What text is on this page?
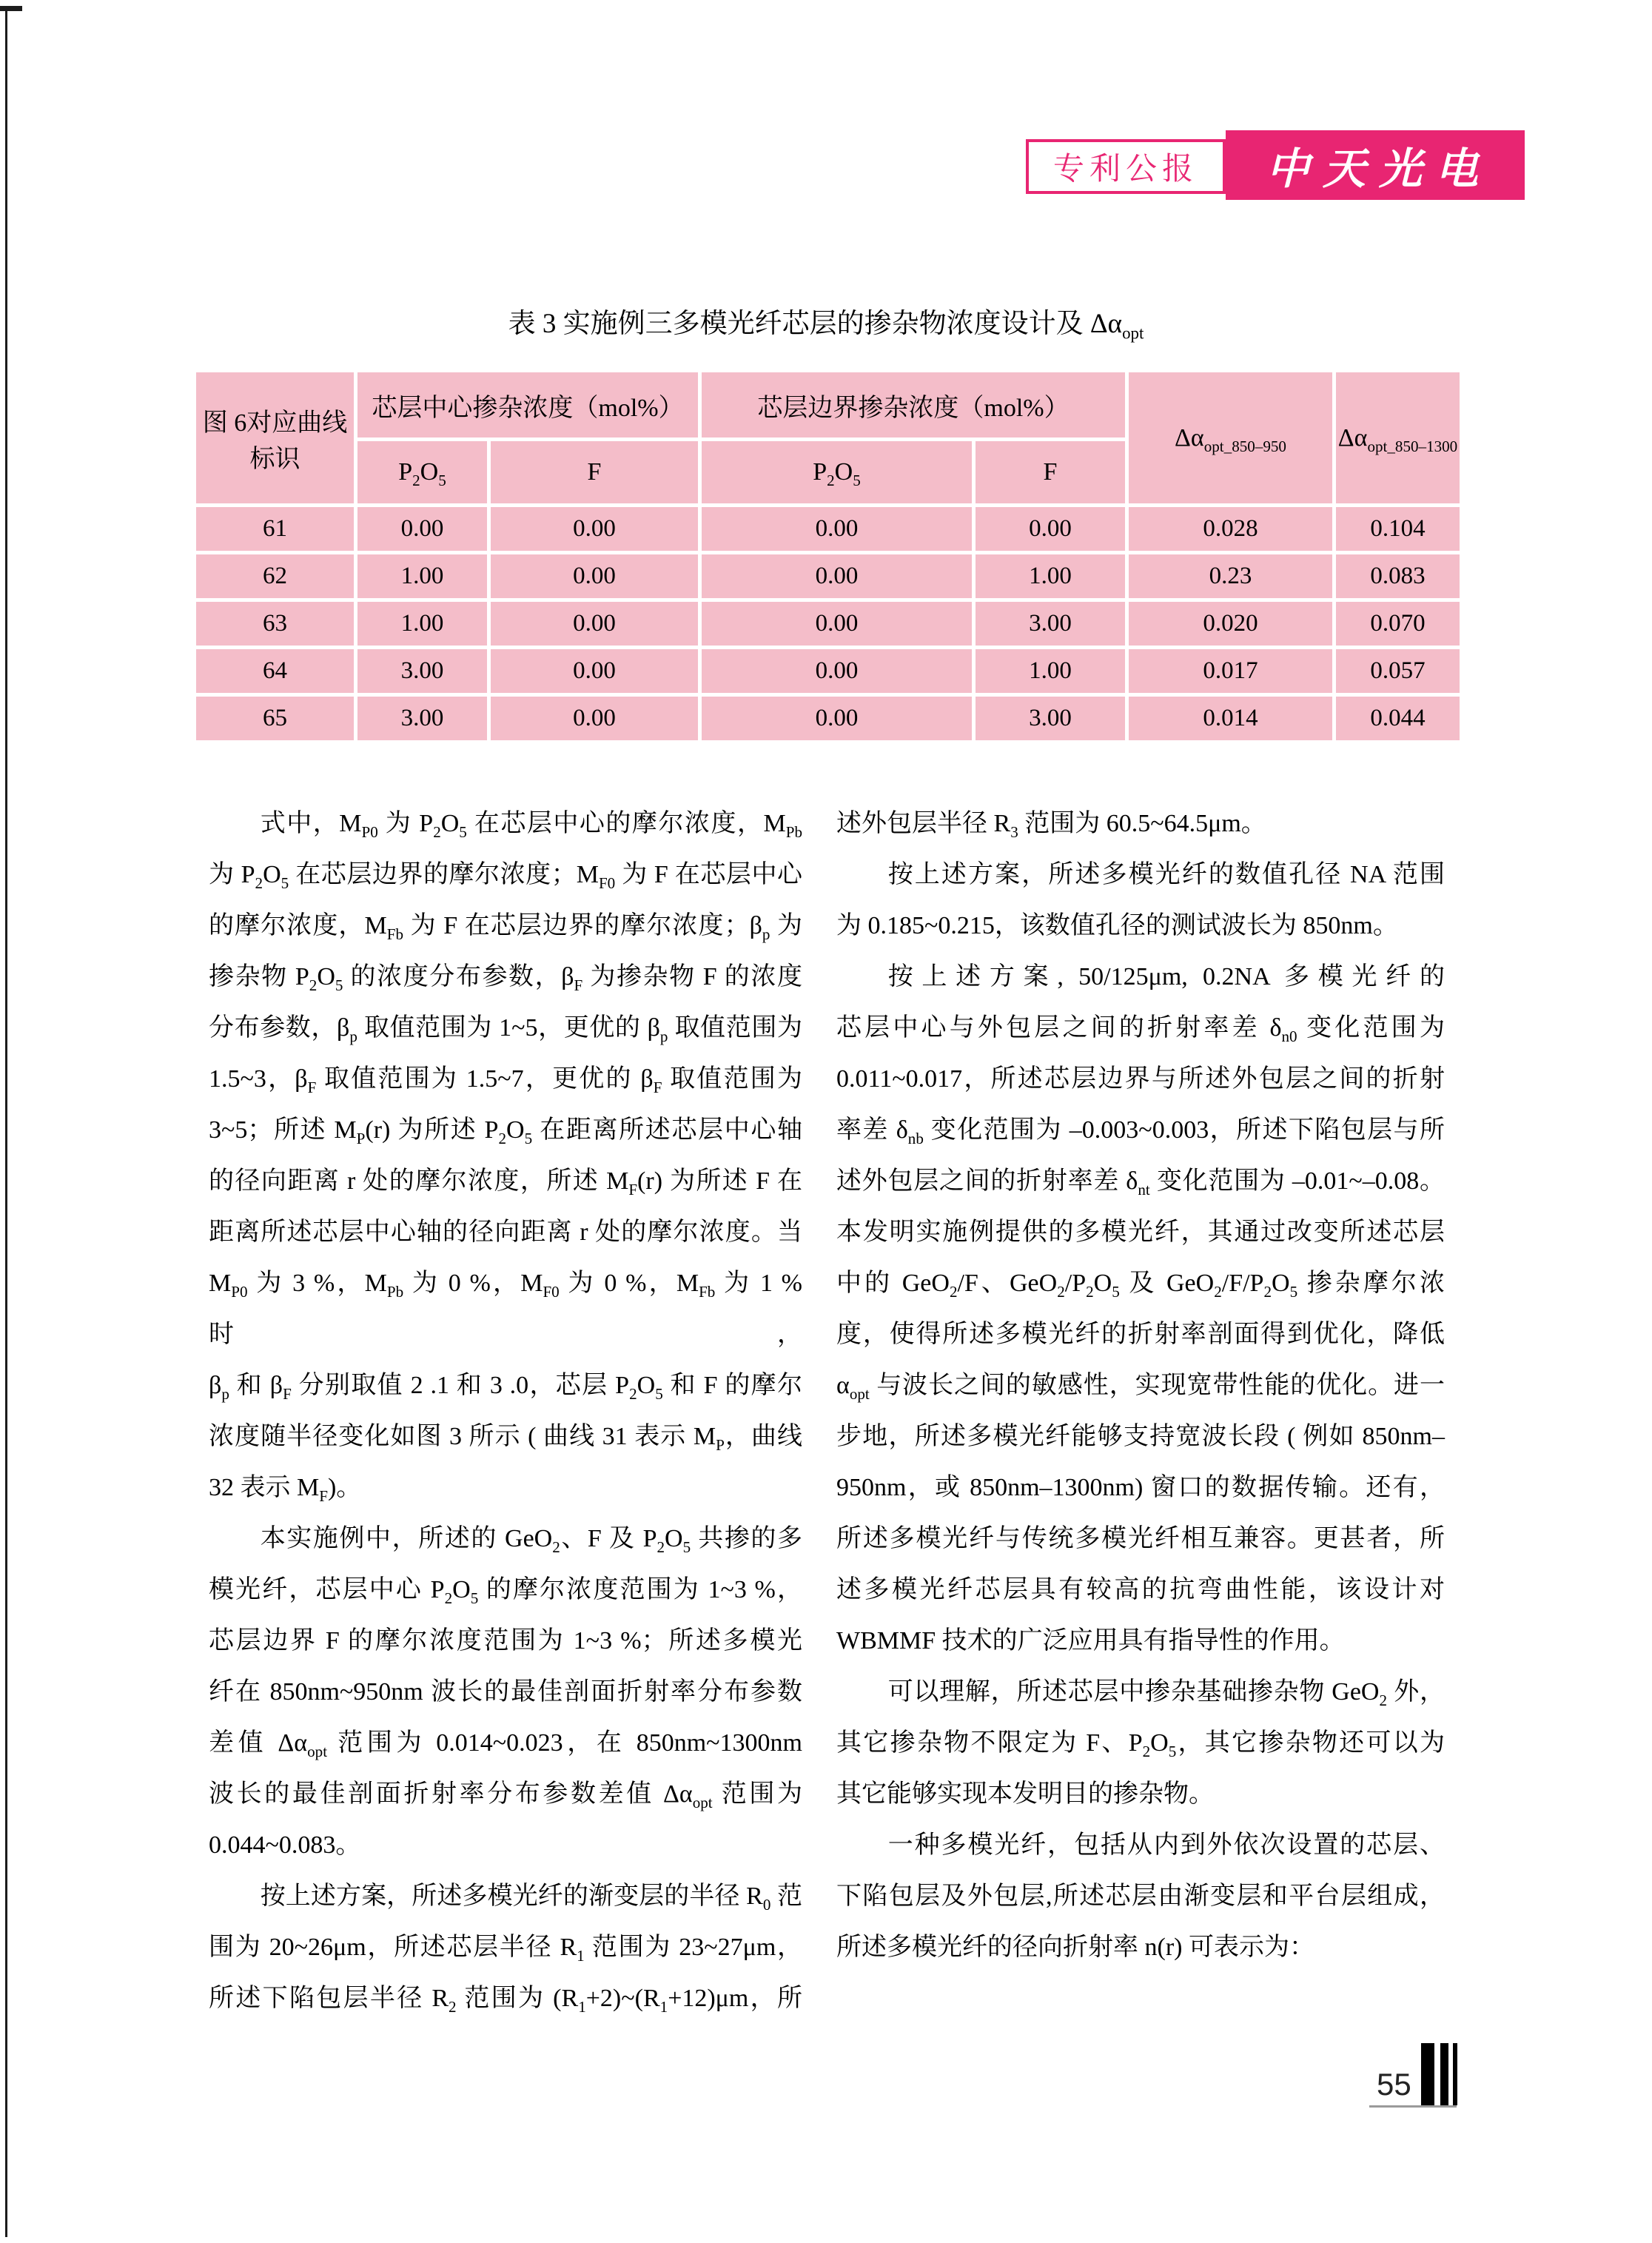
专利公报	中天光电
表 3 实施例三多模光纤芯层的掺杂物浓度设计及 $\Delta\alpha_{opt}$
图 6对应曲线
标识	芯层中心掺杂浓度（mol%）		芯层边界掺杂浓度（mol%）		$\Delta\alpha_{opt\_850-950}$	$\Delta\alpha_{opt\_850-1300}$
	$P_2O_5$	F	$P_2O_5$	F		
61	0.00	0.00	0.00	0.00	0.028	0.104
62	1.00	0.00	0.00	1.00	0.23	0.083
63	1.00	0.00	0.00	3.00	0.020	0.070
64	3.00	0.00	0.00	1.00	0.017	0.057
65	3.00	0.00	0.00	3.00	0.014	0.044
式中，$M_{P0}$ 为 $P_2O_5$ 在芯层中心的摩尔浓度，$M_{Pb}$
为 $P_2O_5$ 在芯层边界的摩尔浓度；$M_{F0}$ 为 F 在芯层中心
的摩尔浓度，$M_{Fb}$ 为 F 在芯层边界的摩尔浓度；$\beta_p$ 为
掺杂物 $P_2O_5$ 的浓度分布参数，$\beta_F$ 为掺杂物 F 的浓度
分布参数，$\beta_p$ 取值范围为 1~5，更优的 $\beta_p$ 取值范围为
1.5~3，$\beta_F$ 取值范围为 1.5~7，更优的 $\beta_F$ 取值范围为
3~5；所述 $M_P(r)$ 为所述 $P_2O_5$ 在距离所述芯层中心轴
的径向距离 r 处的摩尔浓度，所述 $M_F(r)$ 为所述 F 在
距离所述芯层中心轴的径向距离 r 处的摩尔浓度。当
$M_{P0}$ 为 3 %，$M_{Pb}$ 为 0 %，$M_{F0}$ 为 0 %，$M_{Fb}$ 为 1 % 时，
$\beta_p$ 和 $\beta_F$ 分别取值 2 .1 和 3 .0，芯层 $P_2O_5$ 和 F 的摩尔
浓度随半径变化如图 3 所示 ( 曲线 31 表示 $M_P$，曲线
32 表示 $M_F$)。
本实施例中，所述的 GeO$_2$、F 及 $P_2O_5$ 共掺的多
模光纤，芯层中心 $P_2O_5$ 的摩尔浓度范围为 1~3 %，
芯层边界 F 的摩尔浓度范围为 1~3 %；所述多模光
纤在 850nm~950nm 波长的最佳剖面折射率分布参数
差值 $\Delta\alpha_{opt}$ 范围为 0.014~0.023，在 850nm~1300nm
波长的最佳剖面折射率分布参数差值 $\Delta\alpha_{opt}$ 范围为
0.044~0.083。
按上述方案，所述多模光纤的渐变层的半径 $R_0$ 范
围为 20~26μm，所述芯层半径 $R_1$ 范围为 23~27μm，
所述下陷包层半径 $R_2$ 范围为 $(R_1+2)\sim(R_1+12)\mu m$，所
述外包层半径 $R_3$ 范围为 60.5~64.5μm。
按上述方案，所述多模光纤的数值孔径 NA 范围
为 0.185~0.215，该数值孔径的测试波长为 850nm。
按上述方案, 50/125μm, 0.2NA 多模光纤的
芯层中心与外包层之间的折射率差 $\delta_{n0}$ 变化范围为
0.011~0.017，所述芯层边界与所述外包层之间的折射
率差 $\delta_{nb}$ 变化范围为 –0.003~0.003，所述下陷包层与所
述外包层之间的折射率差 $\delta_{nt}$ 变化范围为 –0.01~–0.08。
本发明实施例提供的多模光纤，其通过改变所述芯层
中的 GeO$_2$/F、$GeO_2/P_2O_5$ 及 $GeO_2/F/P_2O_5$ 掺杂摩尔浓
度，使得所述多模光纤的折射率剖面得到优化，降低
$\alpha_{opt}$ 与波长之间的敏感性，实现宽带性能的优化。进一
步地，所述多模光纤能够支持宽波长段 ( 例如 850nm–
950nm，或 850nm–1300nm) 窗口的数据传输。还有，
所述多模光纤与传统多模光纤相互兼容。更甚者，所
述多模光纤芯层具有较高的抗弯曲性能，该设计对
WBMMF 技术的广泛应用具有指导性的作用。
可以理解，所述芯层中掺杂基础掺杂物 GeO$_2$ 外，
其它掺杂物不限定为 F、$P_2O_5$，其它掺杂物还可以为
其它能够实现本发明目的掺杂物。
一种多模光纤，包括从内到外依次设置的芯层、
下陷包层及外包层,所述芯层由渐变层和平台层组成，
所述多模光纤的径向折射率 n(r) 可表示为：
55
